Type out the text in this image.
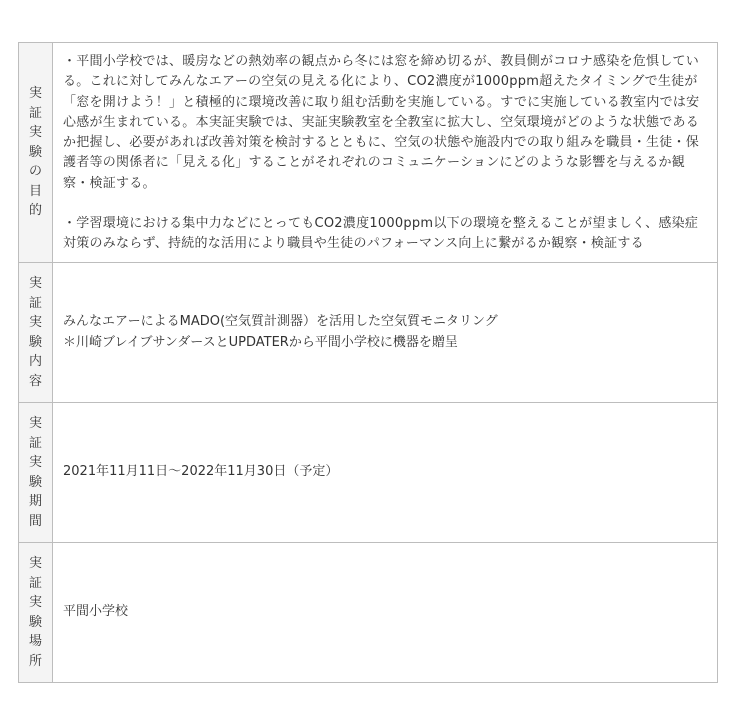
実証実験の目的	・平間小学校では、暖房などの熱効率の観点から冬には窓を締め切るが、教員側がコロナ感染を危惧している。これに対してみんなエアーの空気の見える化により、CO2濃度が1000ppm超えたタイミングで生徒が「窓を開けよう！」と積極的に環境改善に取り組む活動を実施している。すでに実施している教室内では安心感が生まれている。本実証実験では、実証実験教室を全教室に拡大し、空気環境がどのような状態であるか把握し、必要があれば改善対策を検討するとともに、空気の状態や施設内での取り組みを職員・生徒・保護者等の関係者に「見える化」することがそれぞれのコミュニケーションにどのような影響を与えるか観察・検証する。

・学習環境における集中力などにとってもCO2濃度1000ppm以下の環境を整えることが望ましく、感染症対策のみならず、持続的な活用により職員や生徒のパフォーマンス向上に繋がるか観察・検証する

実証実験内容	みんなエアーによるMADO(空気質計測器）を活用した空気質モニタリング
＊川崎ブレイブサンダースとUPDATERから平間小学校に機器を贈呈

実証実験期間	2021年11月11日〜2022年11月30日（予定）

実証実験場所	平間小学校
